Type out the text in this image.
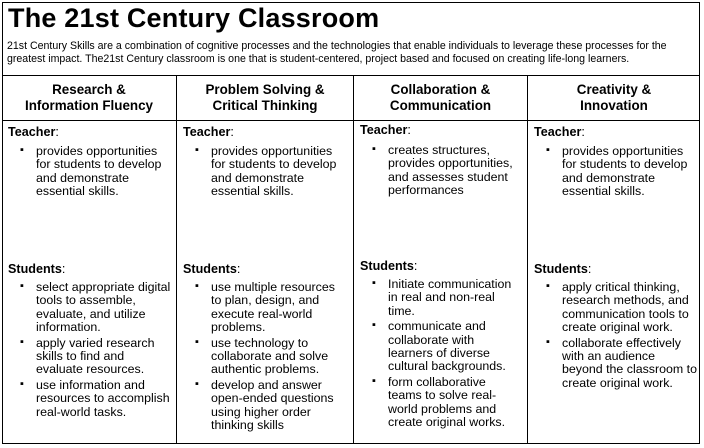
The 21st Century Classroom
21st Century Skills are a combination of cognitive processes and the technologies that enable individuals to leverage these processes for the greatest impact. The21st Century classroom is one that is student-centered, project based and focused on creating life-long learners.
Research &
Information Fluency
Teacher:
▪ provides opportunities for students to develop and demonstrate essential skills.
Students:
▪ select appropriate digital tools to assemble, evaluate, and utilize information.
▪ apply varied research skills to find and evaluate resources.
▪ use information and resources to accomplish real-world tasks.
Problem Solving &
Critical Thinking
Teacher:
▪ provides opportunities for students to develop and demonstrate essential skills.
Students:
▪ use multiple resources to plan, design, and execute real-world problems.
▪ use technology to collaborate and solve authentic problems.
▪ develop and answer open-ended questions using higher order thinking skills
Collaboration &
Communication
Teacher:
▪ creates structures, provides opportunities, and assesses student performances
Students:
▪ Initiate communication in real and non-real time.
▪ communicate and collaborate with learners of diverse cultural backgrounds.
▪ form collaborative teams to solve real-world problems and create original works.
Creativity &
Innovation
Teacher:
▪ provides opportunities for students to develop and demonstrate essential skills.
Students:
▪ apply critical thinking, research methods, and communication tools to create original work.
▪ collaborate effectively with an audience beyond the classroom to create original work.
